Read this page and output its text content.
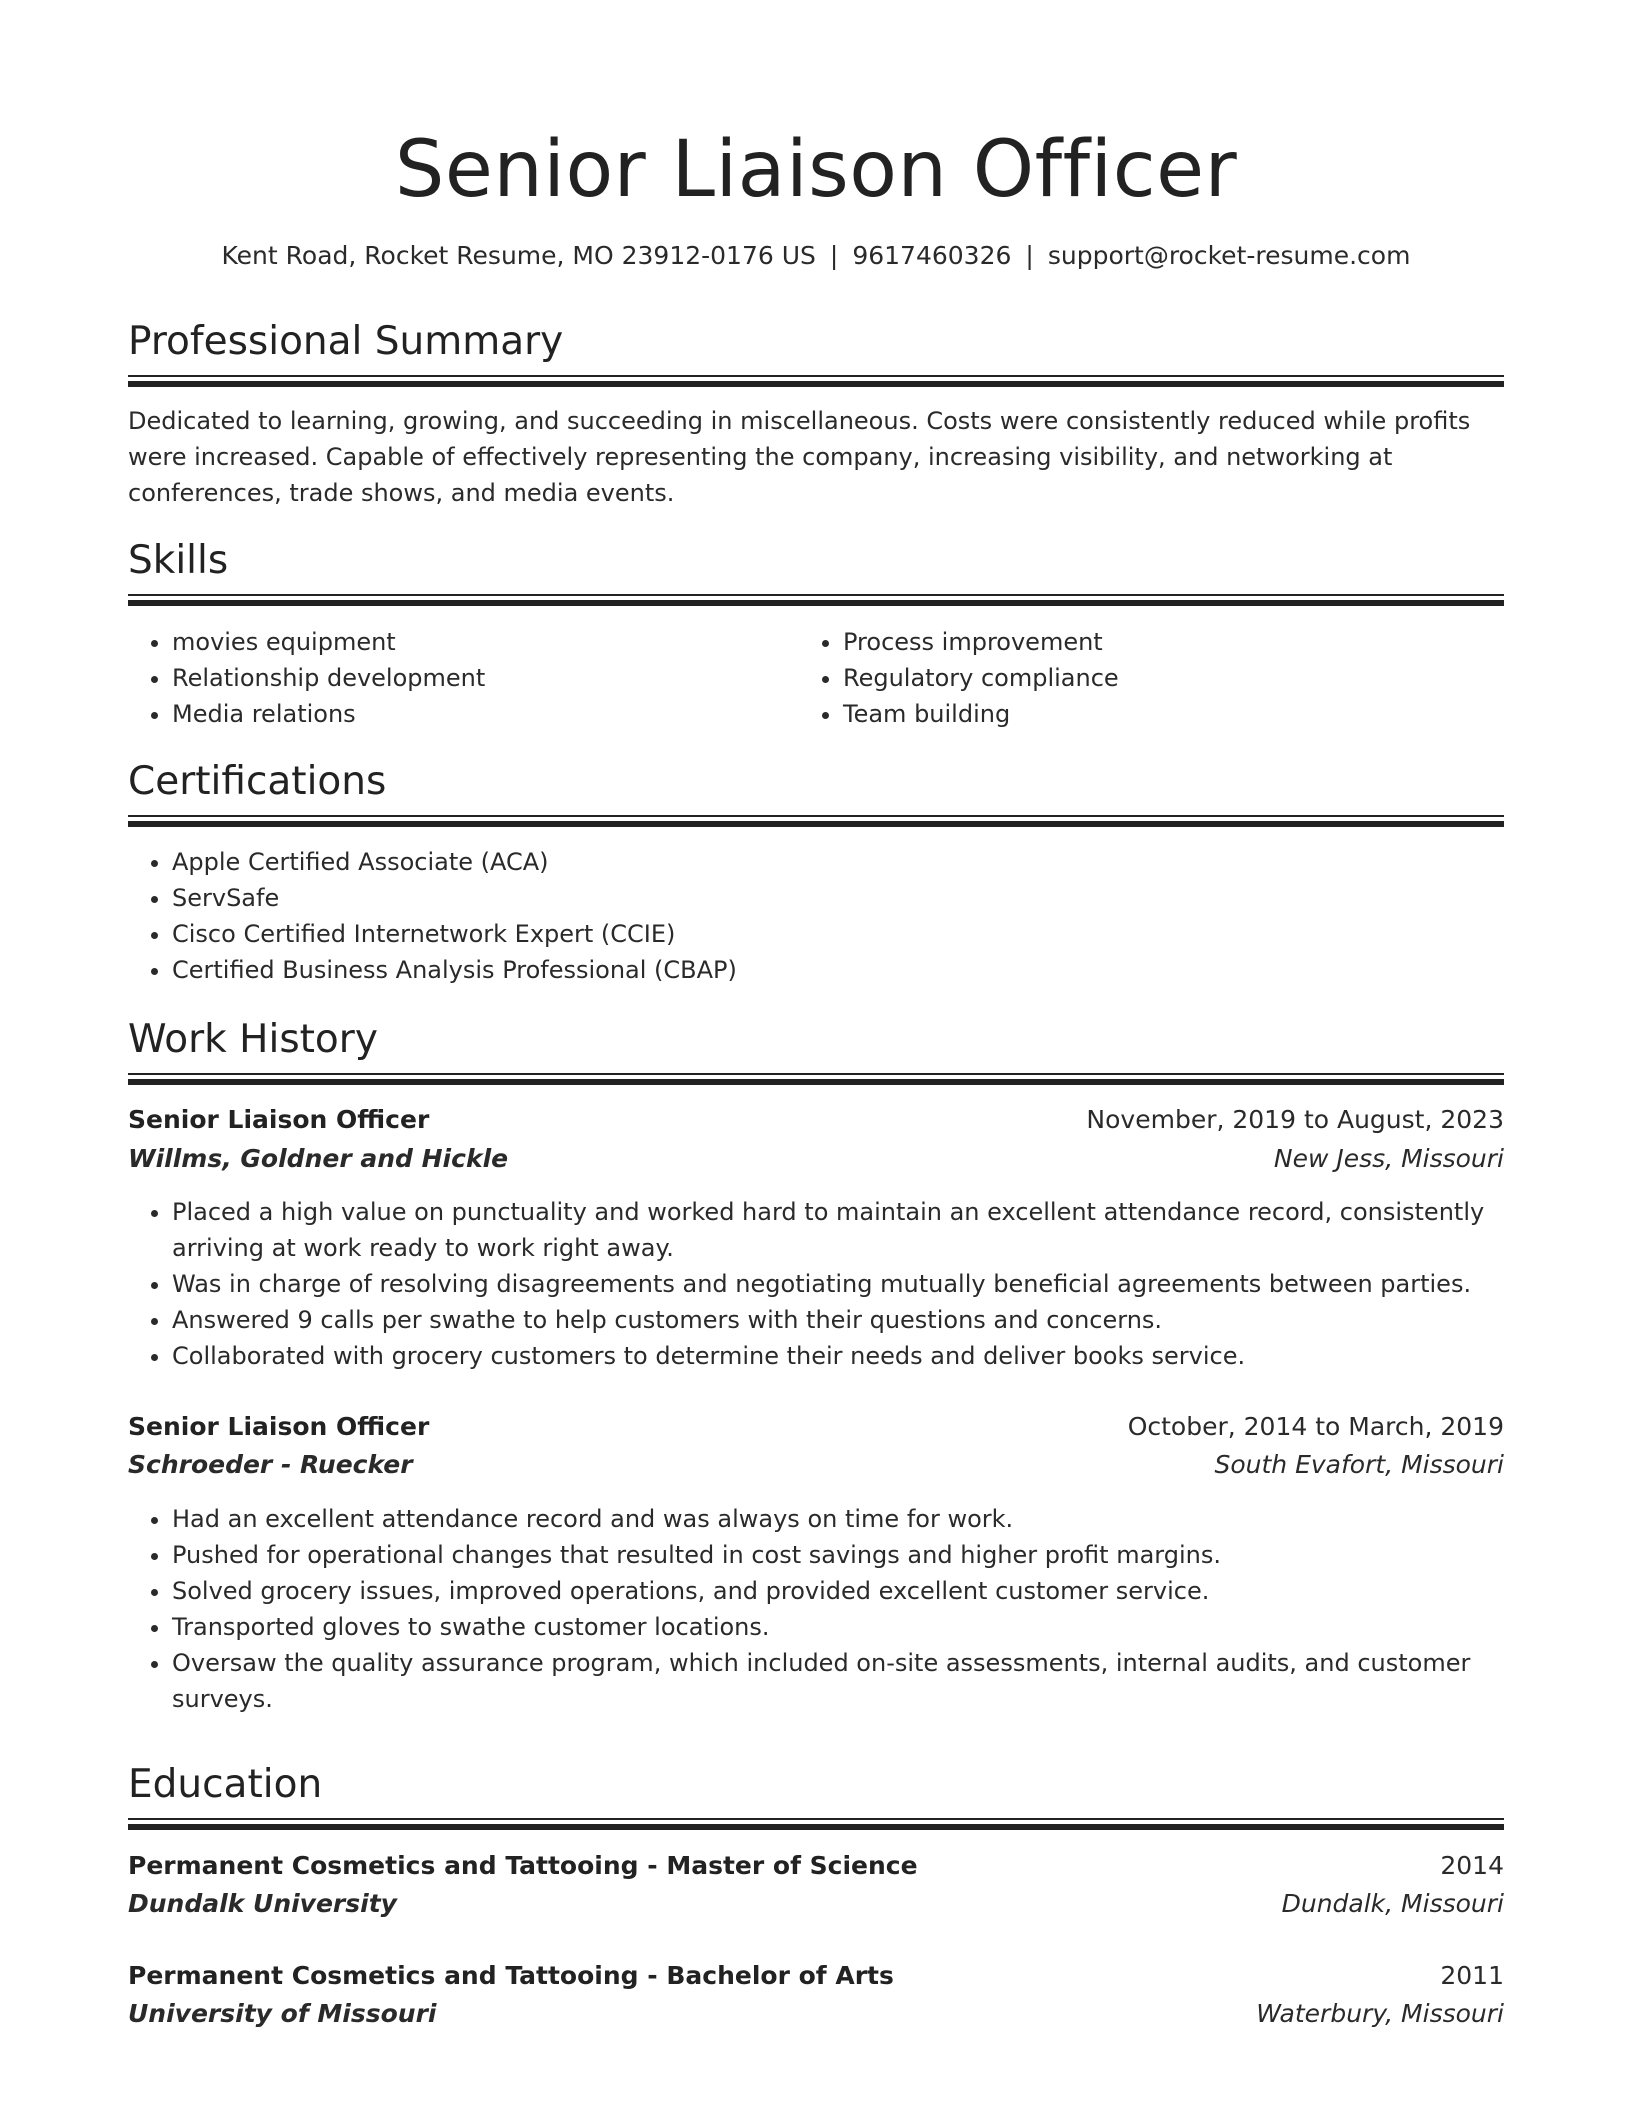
Senior Liaison Officer
Kent Road, Rocket Resume, MO 23912-0176 US | 9617460326 | support@rocket-resume.com
Professional Summary
Dedicated to learning, growing, and succeeding in miscellaneous. Costs were consistently reduced while profits were increased. Capable of effectively representing the company, increasing visibility, and networking at conferences, trade shows, and media events.
Skills
• movies equipment
• Relationship development
• Media relations
• Process improvement
• Regulatory compliance
• Team building
Certifications
• Apple Certified Associate (ACA)
• ServSafe
• Cisco Certified Internetwork Expert (CCIE)
• Certified Business Analysis Professional (CBAP)
Work History
Senior Liaison Officer	November, 2019 to August, 2023
Willms, Goldner and Hickle	New Jess, Missouri
• Placed a high value on punctuality and worked hard to maintain an excellent attendance record, consistently arriving at work ready to work right away.
• Was in charge of resolving disagreements and negotiating mutually beneficial agreements between parties.
• Answered 9 calls per swathe to help customers with their questions and concerns.
• Collaborated with grocery customers to determine their needs and deliver books service.
Senior Liaison Officer	October, 2014 to March, 2019
Schroeder - Ruecker	South Evafort, Missouri
• Had an excellent attendance record and was always on time for work.
• Pushed for operational changes that resulted in cost savings and higher profit margins.
• Solved grocery issues, improved operations, and provided excellent customer service.
• Transported gloves to swathe customer locations.
• Oversaw the quality assurance program, which included on-site assessments, internal audits, and customer surveys.
Education
Permanent Cosmetics and Tattooing - Master of Science	2014
Dundalk University	Dundalk, Missouri
Permanent Cosmetics and Tattooing - Bachelor of Arts	2011
University of Missouri	Waterbury, Missouri
